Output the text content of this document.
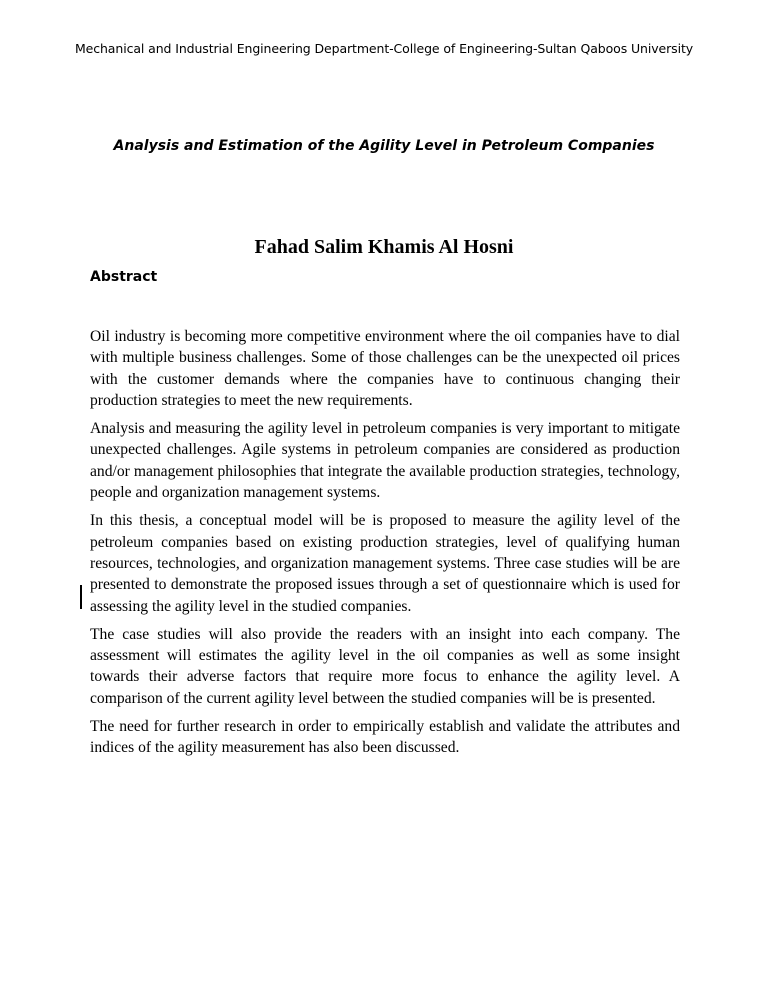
Mechanical and Industrial Engineering Department-College of Engineering-Sultan Qaboos University
Analysis and Estimation of the Agility Level in Petroleum Companies
Fahad Salim Khamis Al Hosni
Abstract

Oil industry is becoming more competitive environment where the oil companies have to dial with multiple business challenges. Some of those challenges can be the unexpected oil prices with the customer demands where the companies have to continuous changing their production strategies to meet the new requirements.

Analysis and measuring the agility level in petroleum companies is very important to mitigate unexpected challenges. Agile systems in petroleum companies are considered as production and/or management philosophies that integrate the available production strategies, technology, people and organization management systems.

In this thesis, a conceptual model will be is proposed to measure the agility level of the petroleum companies based on existing production strategies, level of qualifying human resources, technologies, and organization management systems. Three case studies will be are presented to demonstrate the proposed issues through a set of questionnaire which is used for assessing the agility level in the studied companies.

The case studies will also provide the readers with an insight into each company. The assessment will estimates the agility level in the oil companies as well as some insight towards their adverse factors that require more focus to enhance the agility level. A comparison of the current agility level between the studied companies will be is presented.

The need for further research in order to empirically establish and validate the attributes and indices of the agility measurement has also been discussed.
